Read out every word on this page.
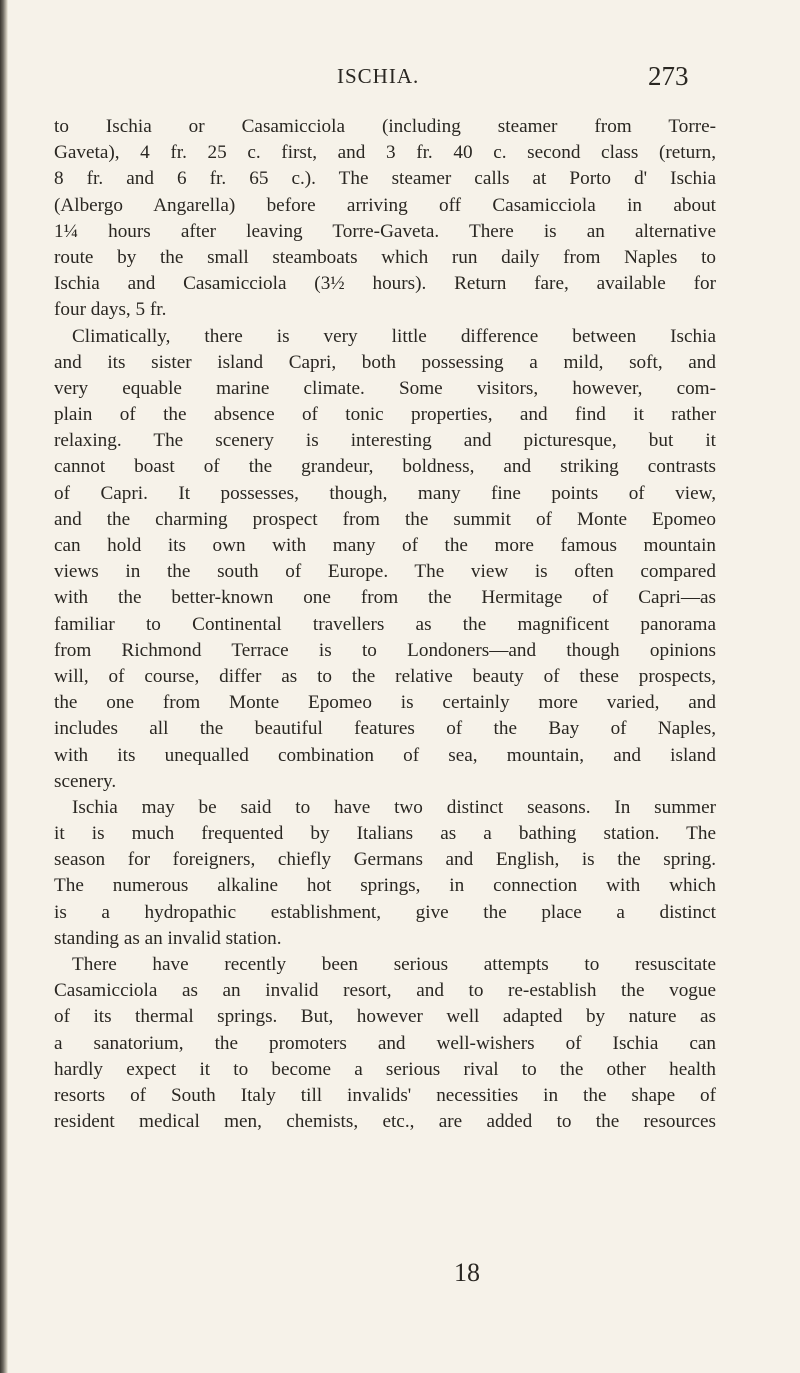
ISCHIA.	273
to Ischia or Casamicciola (including steamer from Torre-
Gaveta), 4 fr. 25 c. first, and 3 fr. 40 c. second class (return,
8 fr. and 6 fr. 65 c.). The steamer calls at Porto d' Ischia
(Albergo Angarella) before arriving off Casamicciola in about
1¼ hours after leaving Torre-Gaveta. There is an alternative
route by the small steamboats which run daily from Naples to
Ischia and Casamicciola (3½ hours). Return fare, available for
four days, 5 fr.
Climatically, there is very little difference between Ischia
and its sister island Capri, both possessing a mild, soft, and
very equable marine climate. Some visitors, however, com-
plain of the absence of tonic properties, and find it rather
relaxing. The scenery is interesting and picturesque, but it
cannot boast of the grandeur, boldness, and striking contrasts
of Capri. It possesses, though, many fine points of view,
and the charming prospect from the summit of Monte Epomeo
can hold its own with many of the more famous mountain
views in the south of Europe. The view is often compared
with the better-known one from the Hermitage of Capri—as
familiar to Continental travellers as the magnificent panorama
from Richmond Terrace is to Londoners—and though opinions
will, of course, differ as to the relative beauty of these prospects,
the one from Monte Epomeo is certainly more varied, and
includes all the beautiful features of the Bay of Naples,
with its unequalled combination of sea, mountain, and island
scenery.
Ischia may be said to have two distinct seasons. In summer
it is much frequented by Italians as a bathing station. The
season for foreigners, chiefly Germans and English, is the spring.
The numerous alkaline hot springs, in connection with which
is a hydropathic establishment, give the place a distinct
standing as an invalid station.
There have recently been serious attempts to resuscitate
Casamicciola as an invalid resort, and to re-establish the vogue
of its thermal springs. But, however well adapted by nature as
a sanatorium, the promoters and well-wishers of Ischia can
hardly expect it to become a serious rival to the other health
resorts of South Italy till invalids' necessities in the shape of
resident medical men, chemists, etc., are added to the resources
18
